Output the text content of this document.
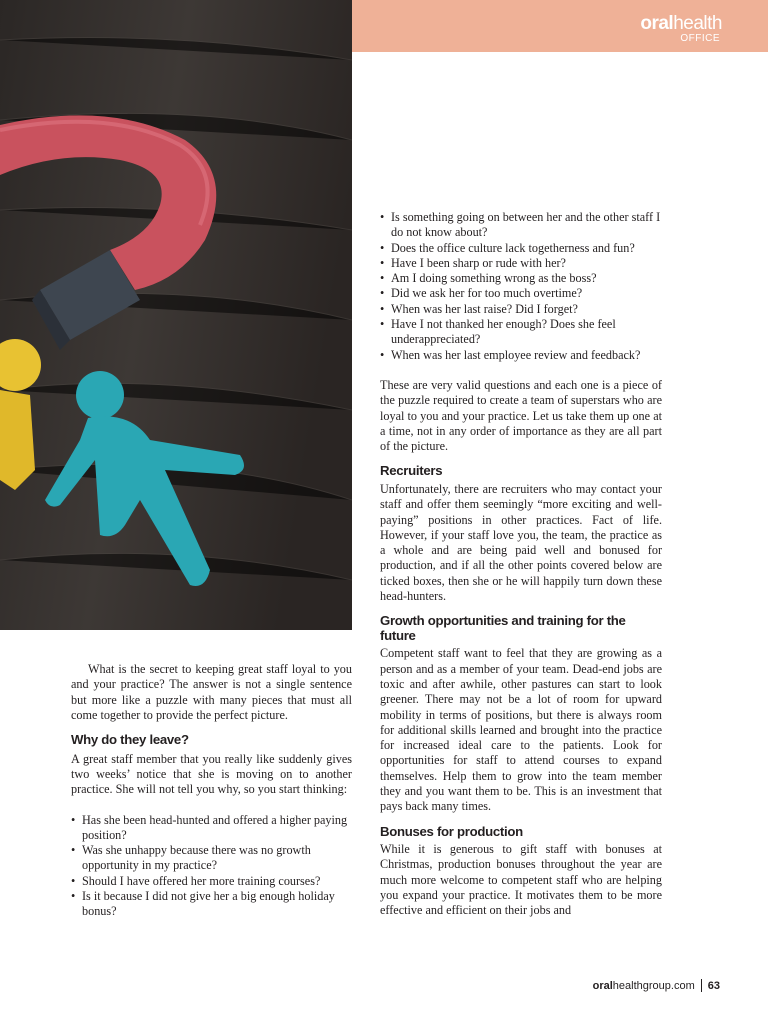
oralhealth
OFFICE

What is the secret to keeping great staff loyal to you and your practice? The answer is not a single sentence but more like a puzzle with many pieces that must all come together to provide the perfect picture.

Why do they leave?

A great staff member that you really like suddenly gives two weeks’ notice that she is moving on to another practice. She will not tell you why, so you start thinking:

• Has she been head-hunted and offered a higher paying position?
• Was she unhappy because there was no growth opportunity in my practice?
• Should I have offered her more training courses?
• Is it because I did not give her a big enough holiday bonus?
• Is something going on between her and the other staff I do not know about?
• Does the office culture lack togetherness and fun?
• Have I been sharp or rude with her?
• Am I doing something wrong as the boss?
• Did we ask her for too much overtime?
• When was her last raise? Did I forget?
• Have I not thanked her enough? Does she feel underappreciated?
• When was her last employee review and feedback?

These are very valid questions and each one is a piece of the puzzle required to create a team of superstars who are loyal to you and your practice. Let us take them up one at a time, not in any order of importance as they are all part of the picture.

Recruiters

Unfortunately, there are recruiters who may contact your staff and offer them seemingly “more exciting and well-paying” positions in other practices. Fact of life. However, if your staff love you, the team, the practice as a whole and are being paid well and bonused for production, and if all the other points covered below are ticked boxes, then she or he will happily turn down these head-hunters.

Growth opportunities and training for the future

Competent staff want to feel that they are growing as a person and as a member of your team. Dead-end jobs are toxic and after awhile, other pastures can start to look greener. There may not be a lot of room for upward mobility in terms of positions, but there is always room for additional skills learned and brought into the practice for increased ideal care to the patients. Look for opportunities for staff to attend courses to expand themselves. Help them to grow into the team member they and you want them to be. This is an investment that pays back many times.

Bonuses for production

While it is generous to gift staff with bonuses at Christmas, production bonuses throughout the year are much more welcome to competent staff who are helping you expand your practice. It motivates them to be more effective and efficient on their jobs and

oralhealthgroup.com 63
